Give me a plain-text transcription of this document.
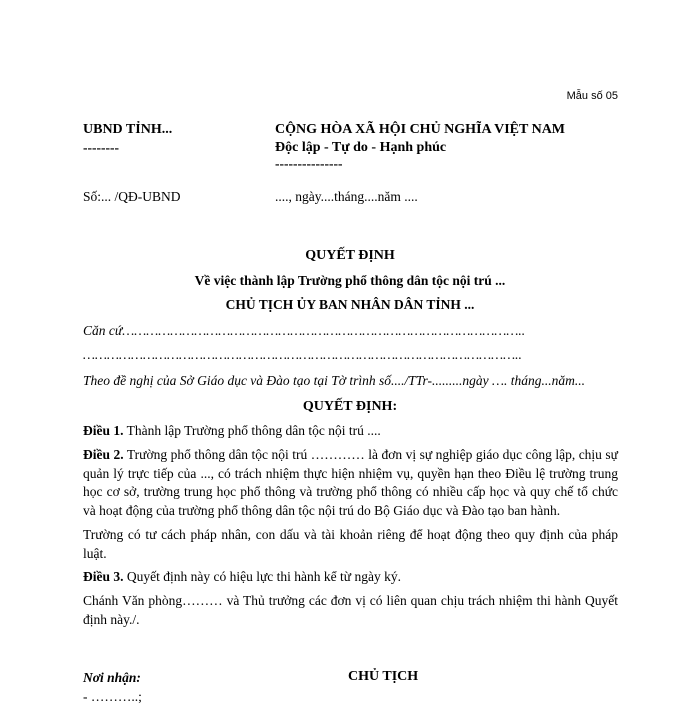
Mẫu số 05
UBND TỈNH...
--------
CỘNG HÒA XÃ HỘI CHỦ NGHĨA VIỆT NAM
Độc lập - Tự do - Hạnh phúc
---------------
Số:... /QĐ-UBND	...., ngày....tháng....năm ....
QUYẾT ĐỊNH
Về việc thành lập Trường phổ thông dân tộc nội trú ...
CHỦ TỊCH ỦY BAN NHÂN DÂN TỈNH ...
Căn cứ………………………………………………………………………………………..
………………………………………………………………………………………………..
Theo đề nghị của Sở Giáo dục và Đào tạo tại Tờ trình số..../TTr-.........ngày …. tháng...năm...
QUYẾT ĐỊNH:
Điều 1. Thành lập Trường phổ thông dân tộc nội trú ....
Điều 2. Trường phổ thông dân tộc nội trú ………… là đơn vị sự nghiệp giáo dục công lập, chịu sự quản lý trực tiếp của ..., có trách nhiệm thực hiện nhiệm vụ, quyền hạn theo Điều lệ trường trung học cơ sở, trường trung học phổ thông và trường phổ thông có nhiều cấp học và quy chế tổ chức và hoạt động của trường phổ thông dân tộc nội trú do Bộ Giáo dục và Đào tạo ban hành.
Trường có tư cách pháp nhân, con dấu và tài khoản riêng để hoạt động theo quy định của pháp luật.
Điều 3. Quyết định này có hiệu lực thi hành kể từ ngày ký.
Chánh Văn phòng……… và Thủ trưởng các đơn vị có liên quan chịu trách nhiệm thi hành Quyết định này./.
Nơi nhận:
- ………..;
CHỦ TỊCH
